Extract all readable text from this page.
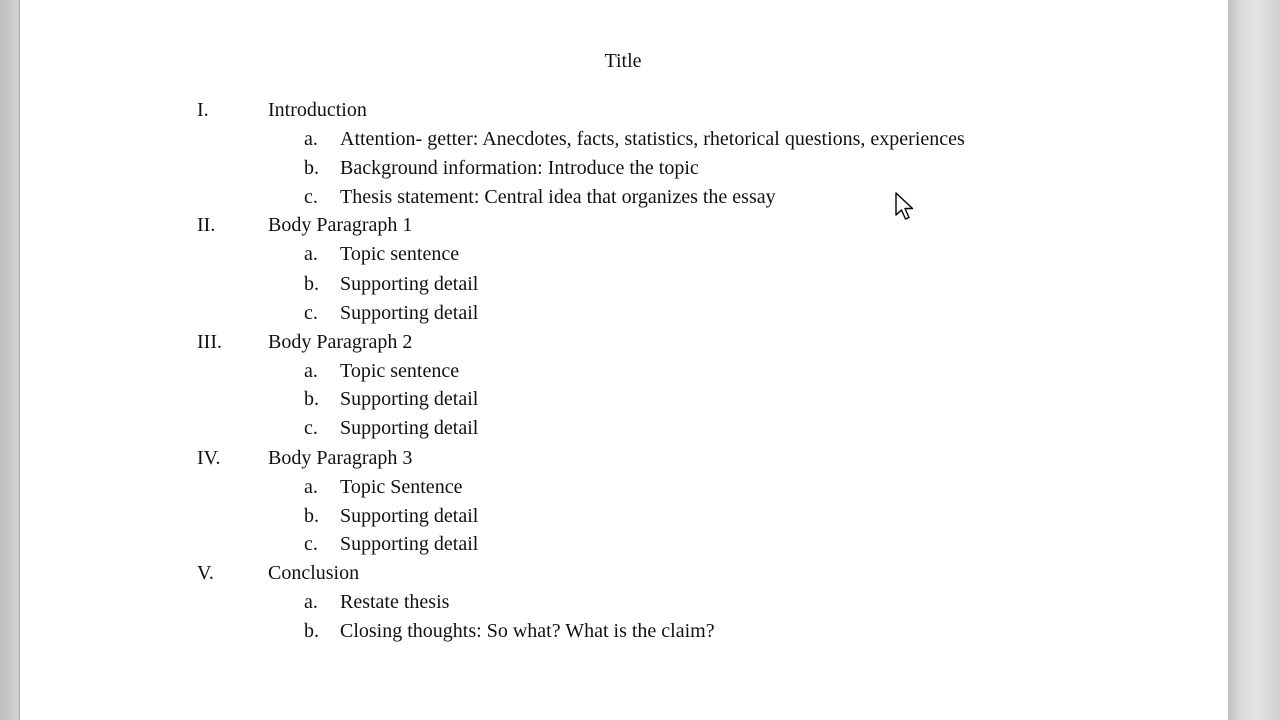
Title
I.	Introduction
a. Attention- getter: Anecdotes, facts, statistics, rhetorical questions, experiences
b. Background information: Introduce the topic
c. Thesis statement: Central idea that organizes the essay
II.	Body Paragraph 1
a. Topic sentence
b. Supporting detail
c. Supporting detail
III. Body Paragraph 2
a. Topic sentence
b. Supporting detail
c. Supporting detail
IV. Body Paragraph 3
a. Topic Sentence
b. Supporting detail
c. Supporting detail
V.	Conclusion
a. Restate thesis
b. Closing thoughts: So what? What is the claim?
